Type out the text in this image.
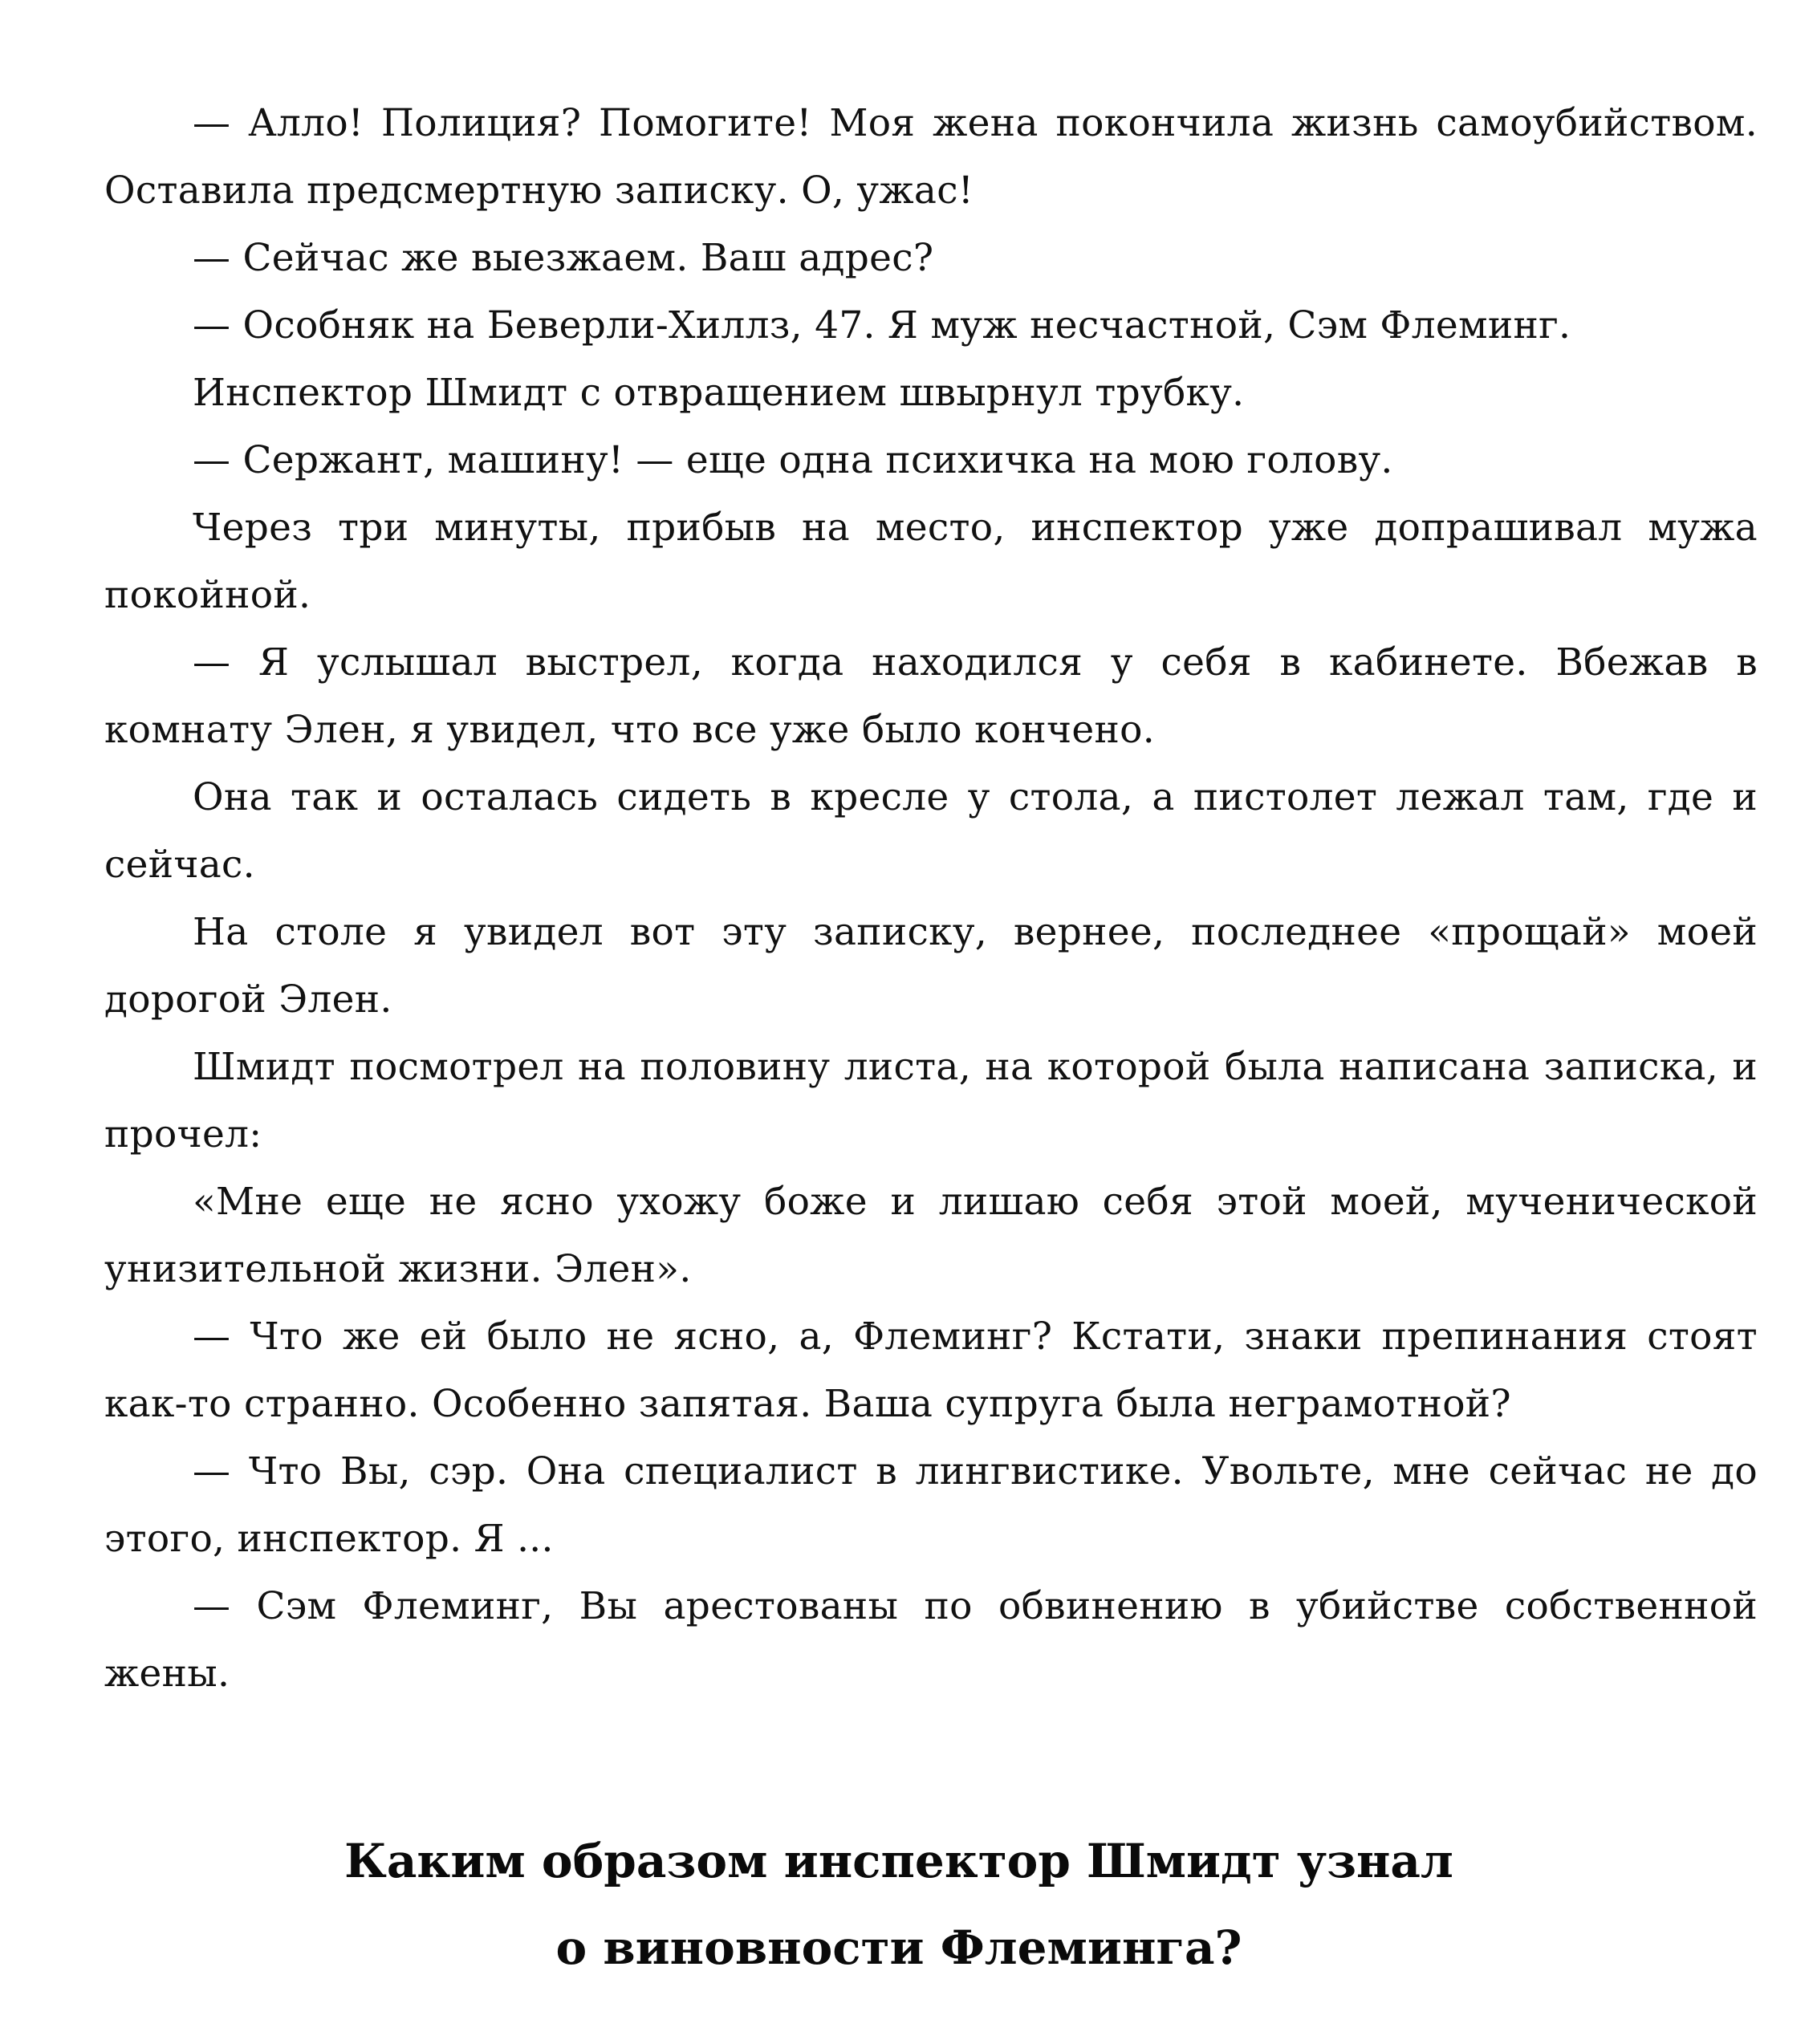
— Алло! Полиция? Помогите! Моя жена покончила жизнь самоубийством. Оставила предсмертную записку. О, ужас!

— Сейчас же выезжаем. Ваш адрес?

— Особняк на Беверли-Хиллз, 47. Я муж несчастной, Сэм Флеминг.

Инспектор Шмидт с отвращением швырнул трубку.

— Сержант, машину! — еще одна психичка на мою голову.

Через три минуты, прибыв на место, инспектор уже допрашивал мужа покойной.

— Я услышал выстрел, когда находился у себя в кабинете. Вбежав в комнату Элен, я увидел, что все уже было кончено.

Она так и осталась сидеть в кресле у стола, а пистолет лежал там, где и сейчас.

На столе я увидел вот эту записку, вернее, последнее «прощай» моей дорогой Элен.

Шмидт посмотрел на половину листа, на которой была написана записка, и прочел:

«Мне еще не ясно ухожу боже и лишаю себя этой моей, мученической унизительной жизни. Элен».

— Что же ей было не ясно, а, Флеминг? Кстати, знаки препинания стоят как-то странно. Особенно запятая. Ваша супруга была неграмотной?

— Что Вы, сэр. Она специалист в лингвистике. Увольте, мне сейчас не до этого, инспектор. Я ...

— Сэм Флеминг, Вы арестованы по обвинению в убийстве собственной жены.

Каким образом инспектор Шмидт узнал

о виновности Флеминга?
